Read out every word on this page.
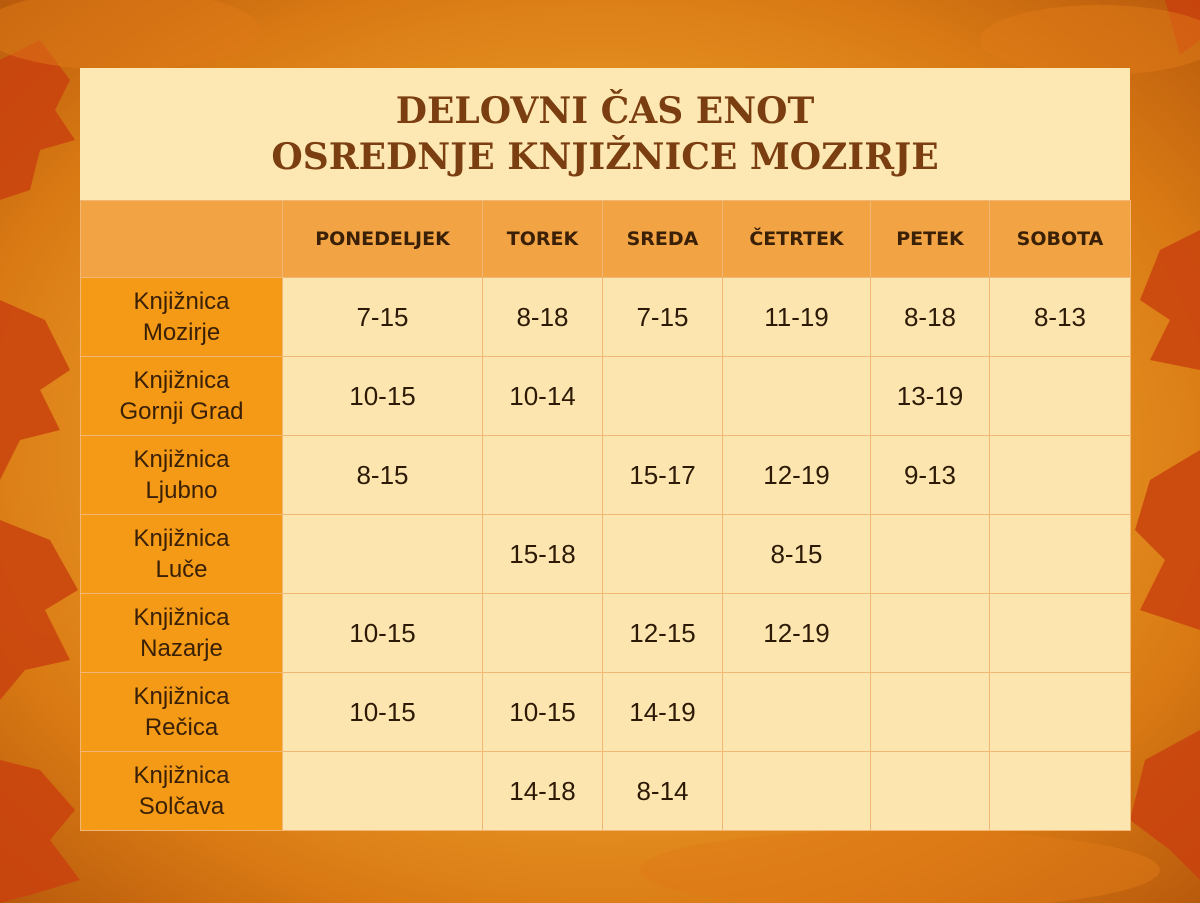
DELOVNI ČAS ENOT
OSREDNJE KNJIŽNICE MOZIRJE
	PONEDELJEK	TOREK	SREDA	ČETRTEK	PETEK	SOBOTA

Knjižnica
Mozirje	7-15	8-18	7-15	11-19	8-18	8-13

Knjižnica
Gornji Grad	10-15	10-14			13-19	

Knjižnica
Ljubno	8-15		15-17	12-19	9-13	

Knjižnica
Luče		15-18		8-15		

Knjižnica
Nazarje	10-15		12-15	12-19		

Knjižnica
Rečica	10-15	10-15	14-19			

Knjižnica
Solčava		14-18	8-14			
